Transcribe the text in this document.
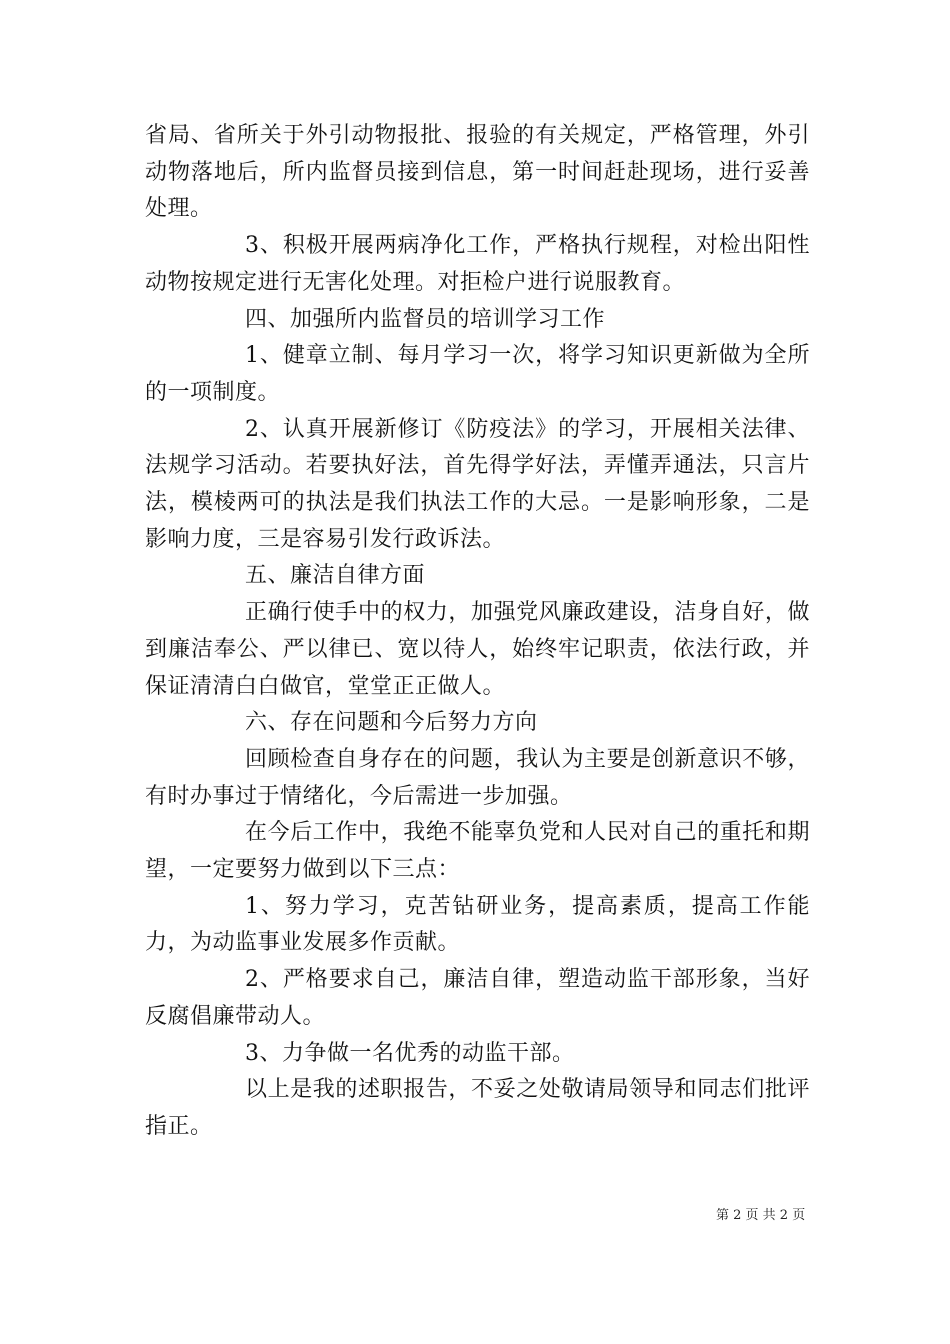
省局、省所关于外引动物报批、报验的有关规定，严格管理，外引动物落地后，所内监督员接到信息，第一时间赶赴现场，进行妥善处理。

3、积极开展两病净化工作，严格执行规程，对检出阳性动物按规定进行无害化处理。对拒检户进行说服教育。

四、加强所内监督员的培训学习工作

1、健章立制、每月学习一次，将学习知识更新做为全所的一项制度。

2、认真开展新修订《防疫法》的学习，开展相关法律、法规学习活动。若要执好法，首先得学好法，弄懂弄通法，只言片法，模棱两可的执法是我们执法工作的大忌。一是影响形象，二是影响力度，三是容易引发行政诉法。

五、廉洁自律方面

正确行使手中的权力，加强党风廉政建设，洁身自好，做到廉洁奉公、严以律已、宽以待人，始终牢记职责，依法行政，并保证清清白白做官，堂堂正正做人。

六、存在问题和今后努力方向

回顾检查自身存在的问题，我认为主要是创新意识不够，有时办事过于情绪化，今后需进一步加强。

在今后工作中，我绝不能辜负党和人民对自己的重托和期望，一定要努力做到以下三点：

1、努力学习，克苦钻研业务，提高素质，提高工作能力，为动监事业发展多作贡献。

2、严格要求自己，廉洁自律，塑造动监干部形象，当好反腐倡廉带动人。

3、力争做一名优秀的动监干部。

以上是我的述职报告，不妥之处敬请局领导和同志们批评指正。

第 2 页 共 2 页
